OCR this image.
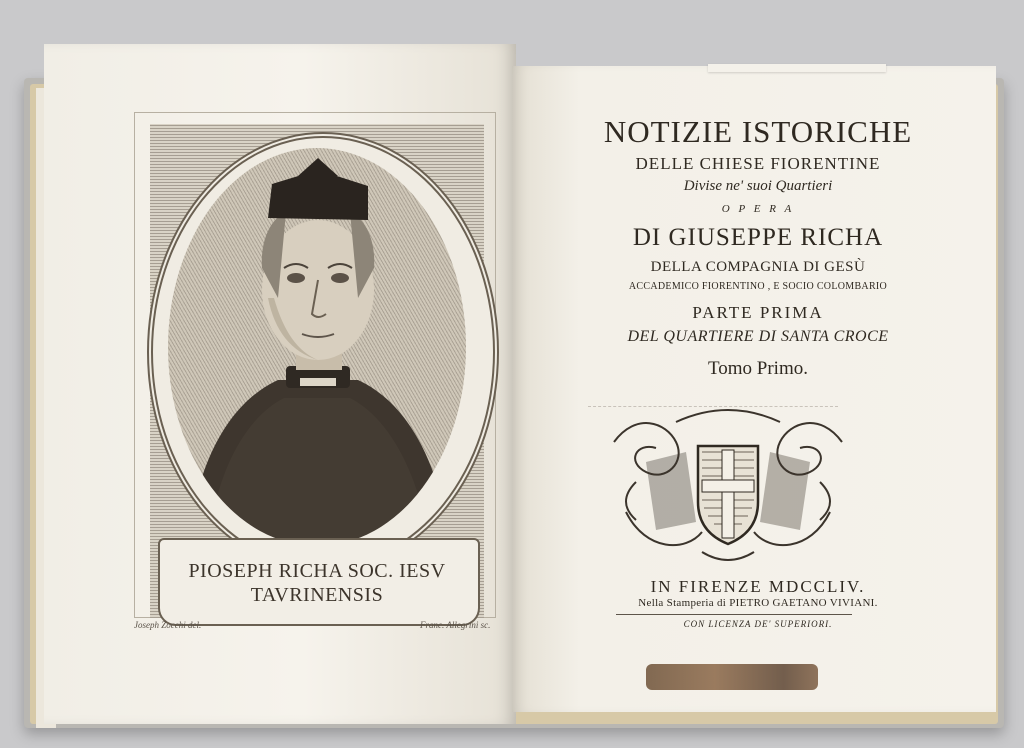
PIOSEPH RICHA SOC. IESV
TAVRINENSIS
Joseph Zocchi del.	Franc. Allegrini sc.
NOTIZIE ISTORICHE
DELLE CHIESE FIORENTINE
Divise ne' suoi Quartieri
O P E R A
DI GIUSEPPE RICHA
DELLA COMPAGNIA DI GESÙ
ACCADEMICO FIORENTINO , E SOCIO COLOMBARIO
PARTE PRIMA
DEL QUARTIERE DI SANTA CROCE
Tomo Primo.
IN FIRENZE MDCCLIV.
Nella Stamperia di PIETRO GAETANO VIVIANI.
CON LICENZA DE' SUPERIORI.
